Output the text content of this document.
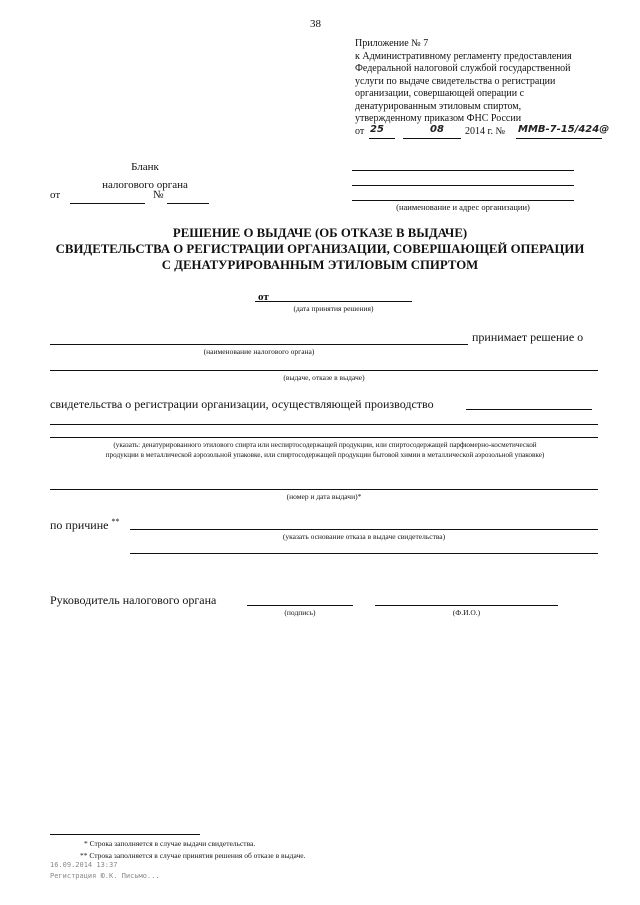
38
Приложение № 7
к Административному регламенту предоставления
Федеральной налоговой службой государственной
услуги по выдаче свидетельства о регистрации
организации, совершающей операции с
денатурированным этиловым спиртом,
утвержденному приказом ФНС России
от 25	08 2014 г. № ММВ-7-15/424@
Бланк
налогового органа
от	№
(наименование и адрес организации)
РЕШЕНИЕ О ВЫДАЧЕ (ОБ ОТКАЗЕ В ВЫДАЧЕ)
СВИДЕТЕЛЬСТВА О РЕГИСТРАЦИИ ОРГАНИЗАЦИИ, СОВЕРШАЮЩЕЙ ОПЕРАЦИИ
С ДЕНАТУРИРОВАННЫМ ЭТИЛОВЫМ СПИРТОМ
от
(дата принятия решения)
принимает решение о
(наименование налогового органа)
(выдаче, отказе в выдаче)
свидетельства о регистрации организации, осуществляющей производство
(указать: денатурированного этилового спирта или неспиртосодержащей продукции, или спиртосодержащей парфюмерно-косметической
продукции в металлической аэрозольной упаковке, или спиртосодержащей продукции бытовой химии в металлической аэрозольной упаковке)
(номер и дата выдачи)*
по причине **
(указать основание отказа в выдаче свидетельства)
Руководитель налогового органа
(подпись)	(Ф.И.О.)
* Строка заполняется в случае выдачи свидетельства.
** Строка заполняется в случае принятия решения об отказе в выдаче.
16.09.2014 13:37
Регистрация Ю.К. Письмо...
